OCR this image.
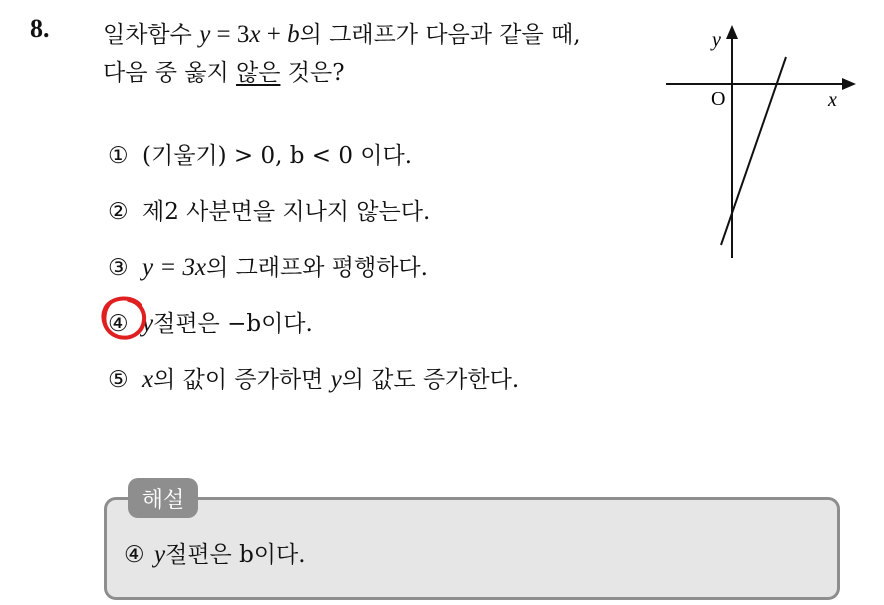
8. 일차함수 y = 3x + b의 그래프가 다음과 같을 때,
다음 중 옳지 않은 것은?
y
x
O
① (기울기) > 0, b < 0 이다.
② 제2 사분면을 지나지 않는다.
③ y = 3x의 그래프와 평행하다.
④ y절편은 −b이다.
⑤ x의 값이 증가하면 y의 값도 증가한다.
해설
④ y절편은 b이다.
